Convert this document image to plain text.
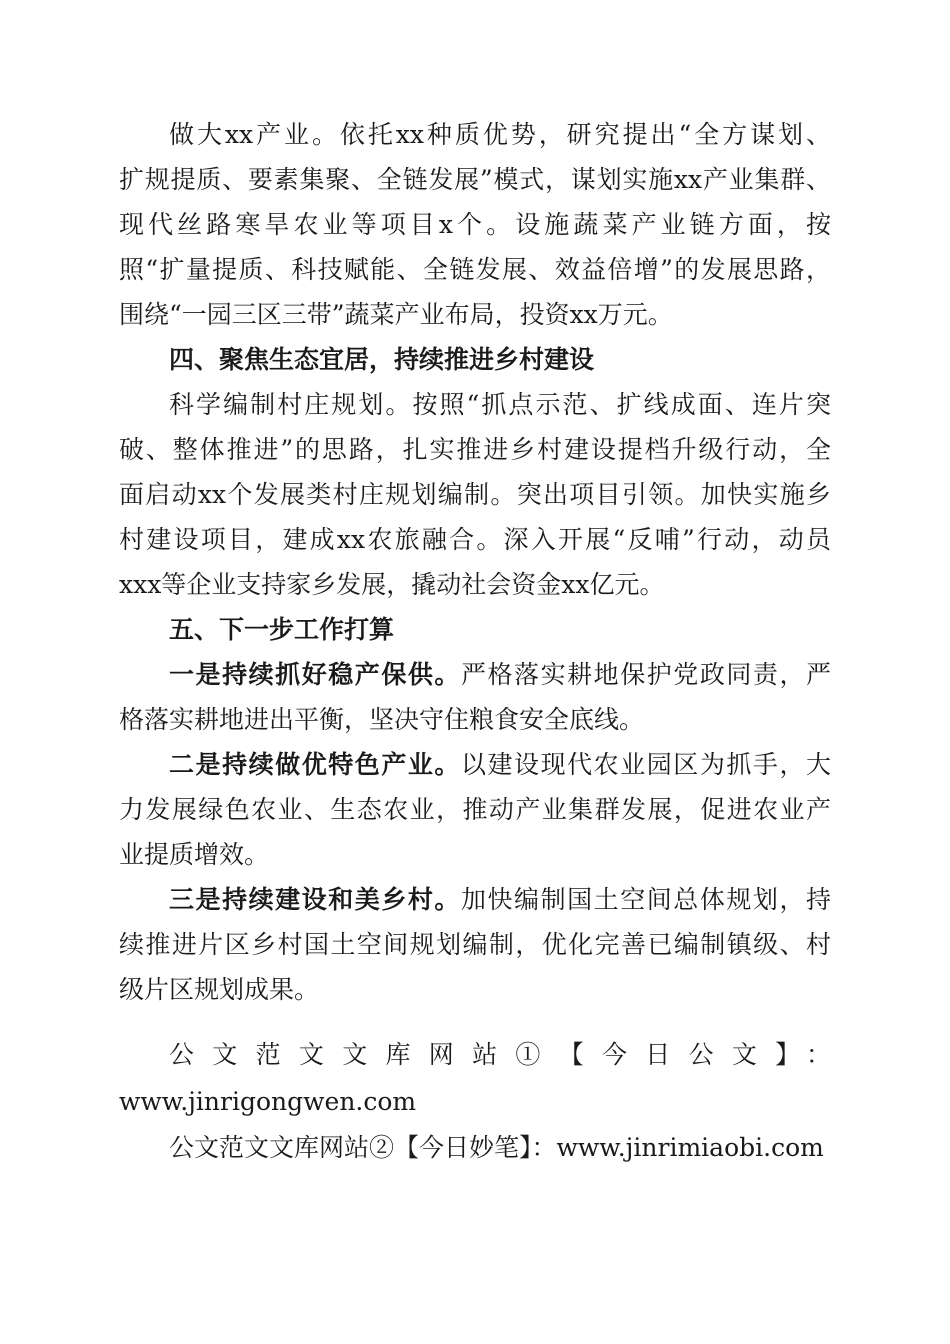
做大xx产业。依托xx种质优势，研究提出“全方谋划、
扩规提质、要素集聚、全链发展”模式，谋划实施xx产业集群、
现代丝路寒旱农业等项目x个。设施蔬菜产业链方面，按
照“扩量提质、科技赋能、全链发展、效益倍增”的发展思路，
围绕“一园三区三带”蔬菜产业布局，投资xx万元。
四、聚焦生态宜居，持续推进乡村建设
科学编制村庄规划。按照“抓点示范、扩线成面、连片突
破、整体推进”的思路，扎实推进乡村建设提档升级行动，全
面启动xx个发展类村庄规划编制。突出项目引领。加快实施乡
村建设项目，建成xx农旅融合。深入开展“反哺”行动，动员
xxx等企业支持家乡发展，撬动社会资金xx亿元。
五、下一步工作打算
一是持续抓好稳产保供。严格落实耕地保护党政同责，严
格落实耕地进出平衡，坚决守住粮食安全底线。
二是持续做优特色产业。以建设现代农业园区为抓手，大
力发展绿色农业、生态农业，推动产业集群发展，促进农业产
业提质增效。
三是持续建设和美乡村。加快编制国土空间总体规划，持
续推进片区乡村国土空间规划编制，优化完善已编制镇级、村
级片区规划成果。
公文范文文库网站①【今日公文】：
www.jinrigongwen.com
公文范文文库网站②【今日妙笔】：www.jinrimiaobi.com
